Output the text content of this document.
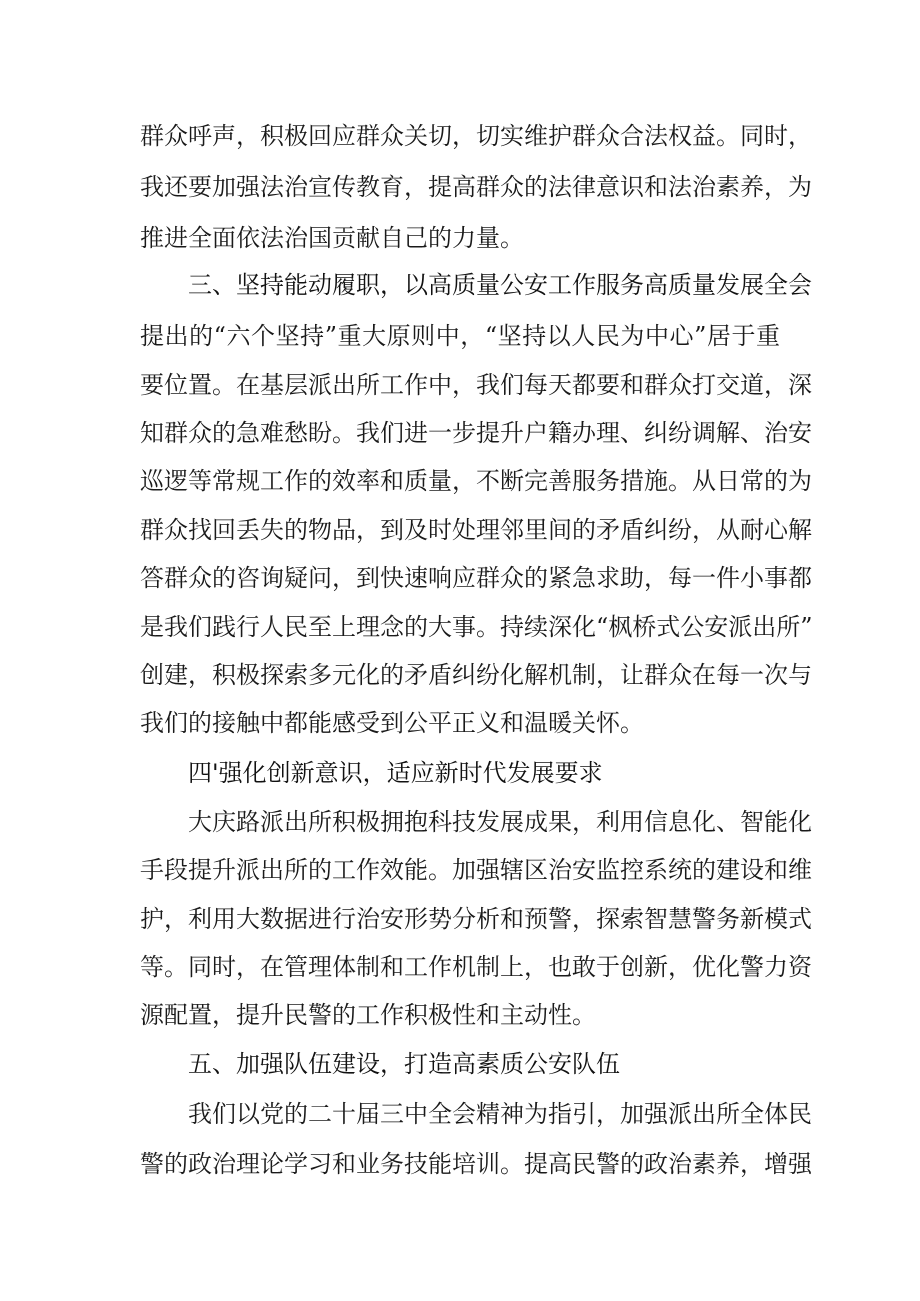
群众呼声，积极回应群众关切，切实维护群众合法权益。同时，
我还要加强法治宣传教育，提高群众的法律意识和法治素养，为
推进全面依法治国贡献自己的力量。
三、坚持能动履职，以高质量公安工作服务高质量发展全会
提出的“六个坚持”重大原则中，“坚持以人民为中心”居于重
要位置。在基层派出所工作中，我们每天都要和群众打交道，深
知群众的急难愁盼。我们进一步提升户籍办理、纠纷调解、治安
巡逻等常规工作的效率和质量，不断完善服务措施。从日常的为
群众找回丢失的物品，到及时处理邻里间的矛盾纠纷，从耐心解
答群众的咨询疑问，到快速响应群众的紧急求助，每一件小事都
是我们践行人民至上理念的大事。持续深化“枫桥式公安派出所”
创建，积极探索多元化的矛盾纠纷化解机制，让群众在每一次与
我们的接触中都能感受到公平正义和温暖关怀。
四'强化创新意识，适应新时代发展要求
大庆路派出所积极拥抱科技发展成果，利用信息化、智能化
手段提升派出所的工作效能。加强辖区治安监控系统的建设和维
护，利用大数据进行治安形势分析和预警，探索智慧警务新模式
等。同时，在管理体制和工作机制上，也敢于创新，优化警力资
源配置，提升民警的工作积极性和主动性。
五、加强队伍建设，打造高素质公安队伍
我们以党的二十届三中全会精神为指引，加强派出所全体民
警的政治理论学习和业务技能培训。提高民警的政治素养，增强
